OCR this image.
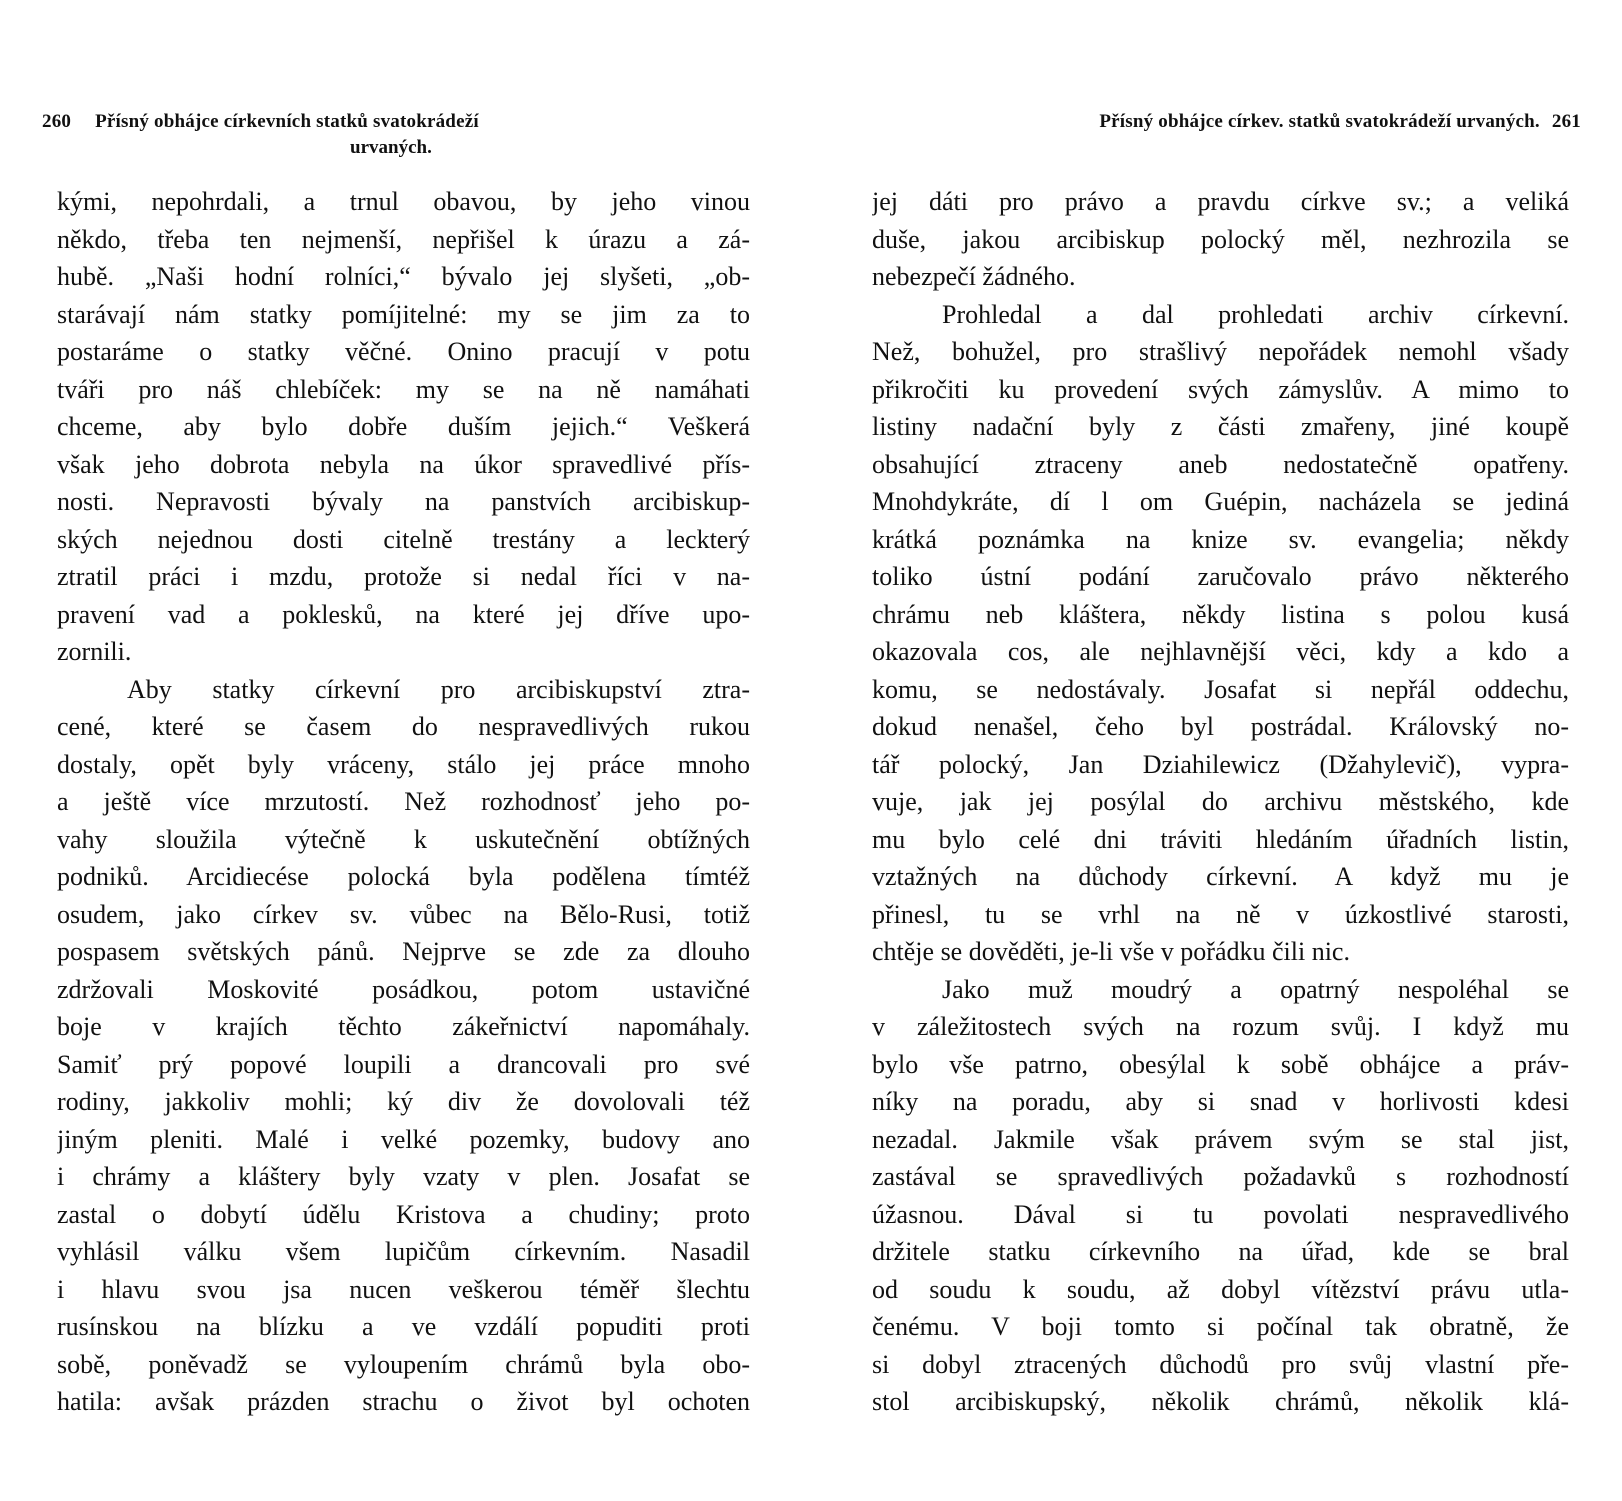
260 Přísný obhájce církevních statků svatokrádeží
urvaných.
kými, nepohrdali, a trnul obavou, by jeho vinou
někdo, třeba ten nejmenší, nepřišel k úrazu a zá-
hubě. „Naši hodní rolníci,“ bývalo jej slyšeti, „ob-
starávají nám statky pomíjitelné: my se jim za to
postaráme o statky věčné. Onino pracují v potu
tváři pro náš chlebíček: my se na ně namáhati
chceme, aby bylo dobře duším jejich.“ Veškerá
však jeho dobrota nebyla na úkor spravedlivé přís-
nosti. Nepravosti bývaly na panstvích arcibiskup-
ských nejednou dosti citelně trestány a leckterý
ztratil práci i mzdu, protože si nedal říci v na-
pravení vad a poklesků, na které jej dříve upo-
zornili.
Aby statky církevní pro arcibiskupství ztra-
cené, které se časem do nespravedlivých rukou
dostaly, opět byly vráceny, stálo jej práce mnoho
a ještě více mrzutostí. Než rozhodnosť jeho po-
vahy sloužila výtečně k uskutečnění obtížných
podniků. Arcidiecése polocká byla podělena tímtéž
osudem, jako církev sv. vůbec na Bělo-Rusi, totiž
pospasem světských pánů. Nejprve se zde za dlouho
zdržovali Moskovité posádkou, potom ustavičné
boje v krajích těchto zákeřnictví napomáhaly.
Samiť prý popové loupili a drancovali pro své
rodiny, jakkoliv mohli; ký div že dovolovali též
jiným pleniti. Malé i velké pozemky, budovy ano
i chrámy a kláštery byly vzaty v plen. Josafat se
zastal o dobytí údělu Kristova a chudiny; proto
vyhlásil válku všem lupičům církevním. Nasadil
i hlavu svou jsa nucen veškerou téměř šlechtu
rusínskou na blízku a ve vzdálí popuditi proti
sobě, poněvadž se vyloupením chrámů byla obo-
hatila: avšak prázden strachu o život byl ochoten
Přísný obhájce církev. statků svatokrádeží urvaných. 261
jej dáti pro právo a pravdu církve sv.; a veliká
duše, jakou arcibiskup polocký měl, nezhrozila se
nebezpečí žádného.
Prohledal a dal prohledati archiv církevní.
Než, bohužel, pro strašlivý nepořádek nemohl všady
přikročiti ku provedení svých zámyslův. A mimo to
listiny nadační byly z části zmařeny, jiné koupě
obsahující ztraceny aneb nedostatečně opatřeny.
Mnohdykráte, dí l om Guépin, nacházela se jediná
krátká poznámka na knize sv. evangelia; někdy
toliko ústní podání zaručovalo právo některého
chrámu neb kláštera, někdy listina s polou kusá
okazovala cos, ale nejhlavnější věci, kdy a kdo a
komu, se nedostávaly. Josafat si nepřál oddechu,
dokud nenašel, čeho byl postrádal. Královský no-
tář polocký, Jan Dziahilewicz (Džahylevič), vypra-
vuje, jak jej posýlal do archivu městského, kde
mu bylo celé dni tráviti hledáním úřadních listin,
vztažných na důchody církevní. A když mu je
přinesl, tu se vrhl na ně v úzkostlivé starosti,
chtěje se dověděti, je-li vše v pořádku čili nic.
Jako muž moudrý a opatrný nespoléhal se
v záležitostech svých na rozum svůj. I když mu
bylo vše patrno, obesýlal k sobě obhájce a práv-
níky na poradu, aby si snad v horlivosti kdesi
nezadal. Jakmile však právem svým se stal jist,
zastával se spravedlivých požadavků s rozhodností
úžasnou. Dával si tu povolati nespravedlivého
držitele statku církevního na úřad, kde se bral
od soudu k soudu, až dobyl vítězství právu utla-
čenému. V boji tomto si počínal tak obratně, že
si dobyl ztracených důchodů pro svůj vlastní pře-
stol arcibiskupský, několik chrámů, několik klá-
